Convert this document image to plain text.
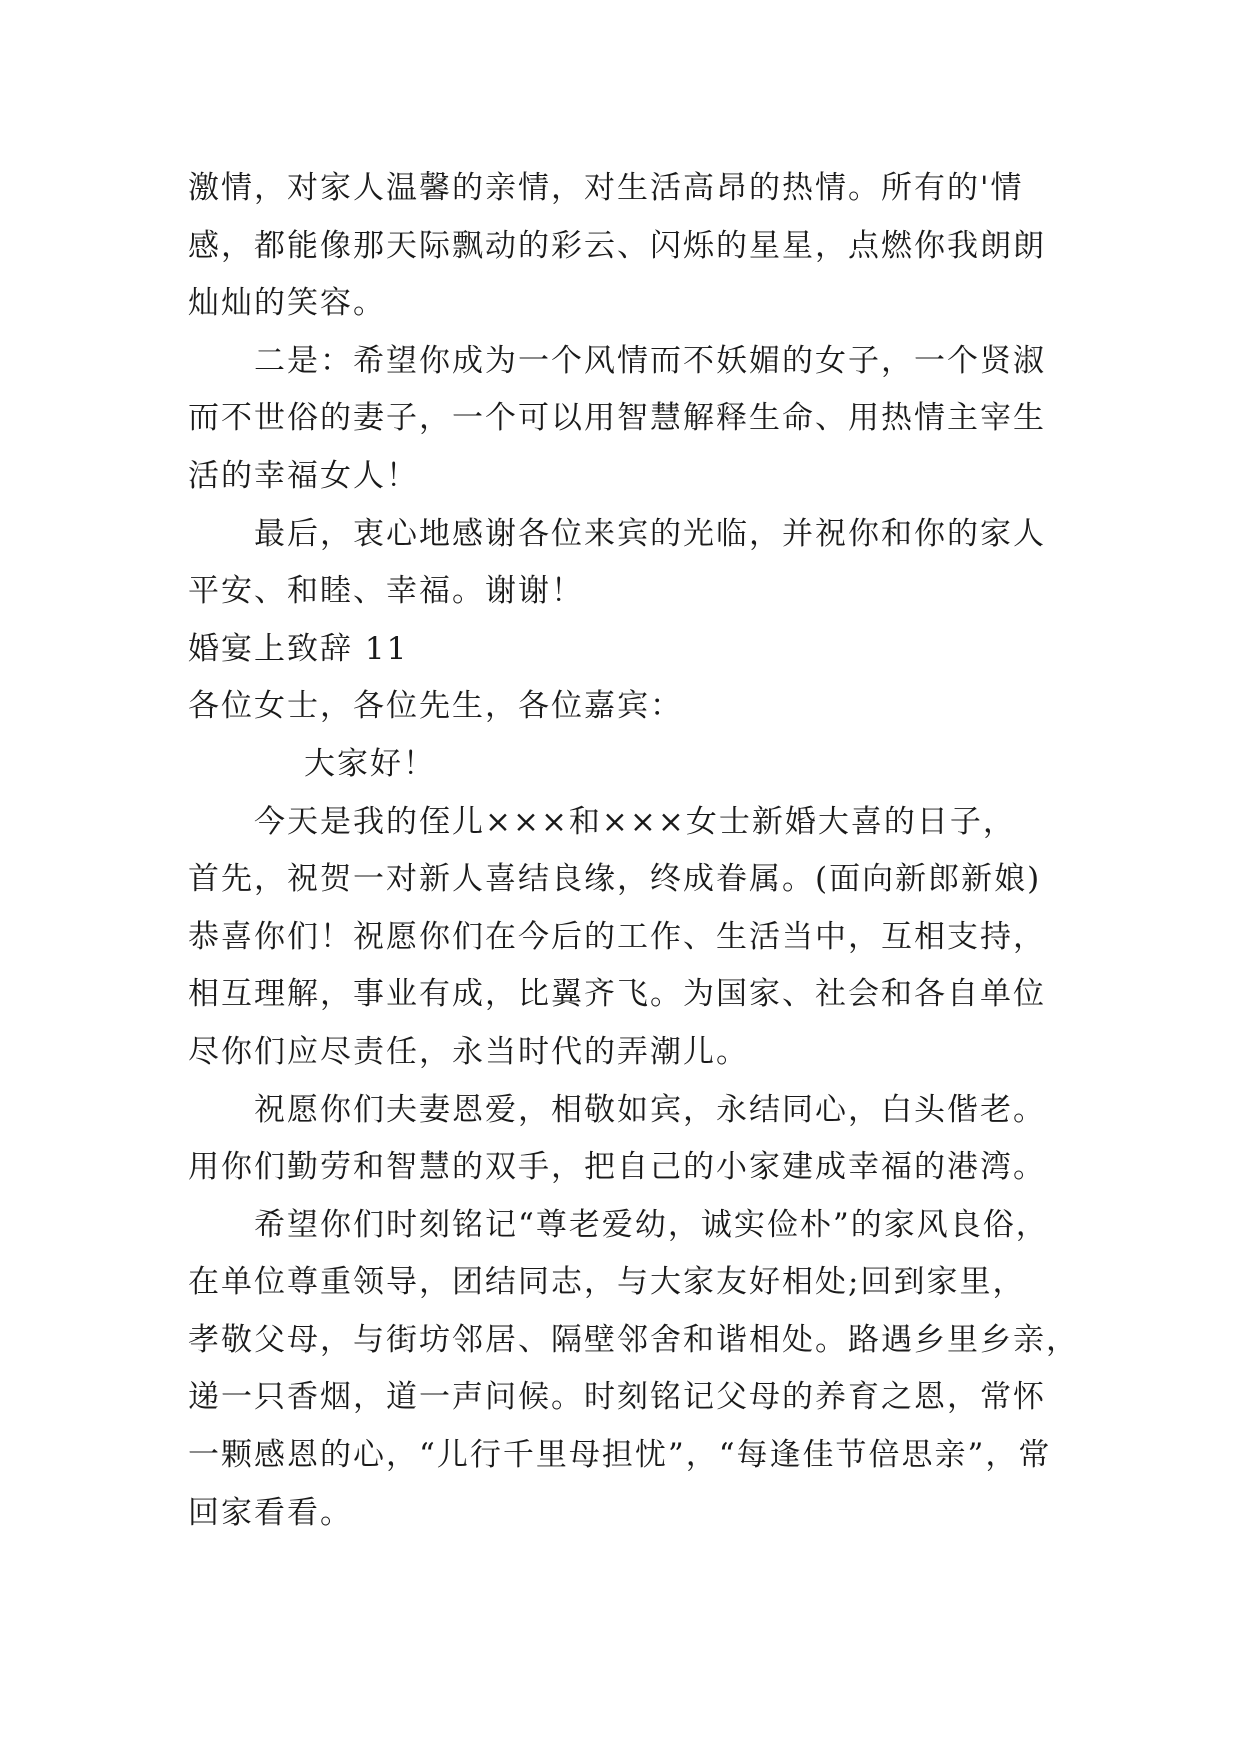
激情，对家人温馨的亲情，对生活高昂的热情。所有的'情
感，都能像那天际飘动的彩云、闪烁的星星，点燃你我朗朗
灿灿的笑容。
二是：希望你成为一个风情而不妖媚的女子，一个贤淑
而不世俗的妻子，一个可以用智慧解释生命、用热情主宰生
活的幸福女人！
最后，衷心地感谢各位来宾的光临，并祝你和你的家人
平安、和睦、幸福。谢谢！
婚宴上致辞 11
各位女士，各位先生，各位嘉宾：
大家好！
今天是我的侄儿×××和×××女士新婚大喜的日子，
首先，祝贺一对新人喜结良缘，终成眷属。(面向新郎新娘)
恭喜你们！祝愿你们在今后的工作、生活当中，互相支持，
相互理解，事业有成，比翼齐飞。为国家、社会和各自单位
尽你们应尽责任，永当时代的弄潮儿。
祝愿你们夫妻恩爱，相敬如宾，永结同心，白头偕老。
用你们勤劳和智慧的双手，把自己的小家建成幸福的港湾。
希望你们时刻铭记“尊老爱幼，诚实俭朴”的家风良俗，
在单位尊重领导，团结同志，与大家友好相处;回到家里，
孝敬父母，与街坊邻居、隔壁邻舍和谐相处。路遇乡里乡亲，
递一只香烟，道一声问候。时刻铭记父母的养育之恩，常怀
一颗感恩的心，“儿行千里母担忧”，“每逢佳节倍思亲”，常
回家看看。
